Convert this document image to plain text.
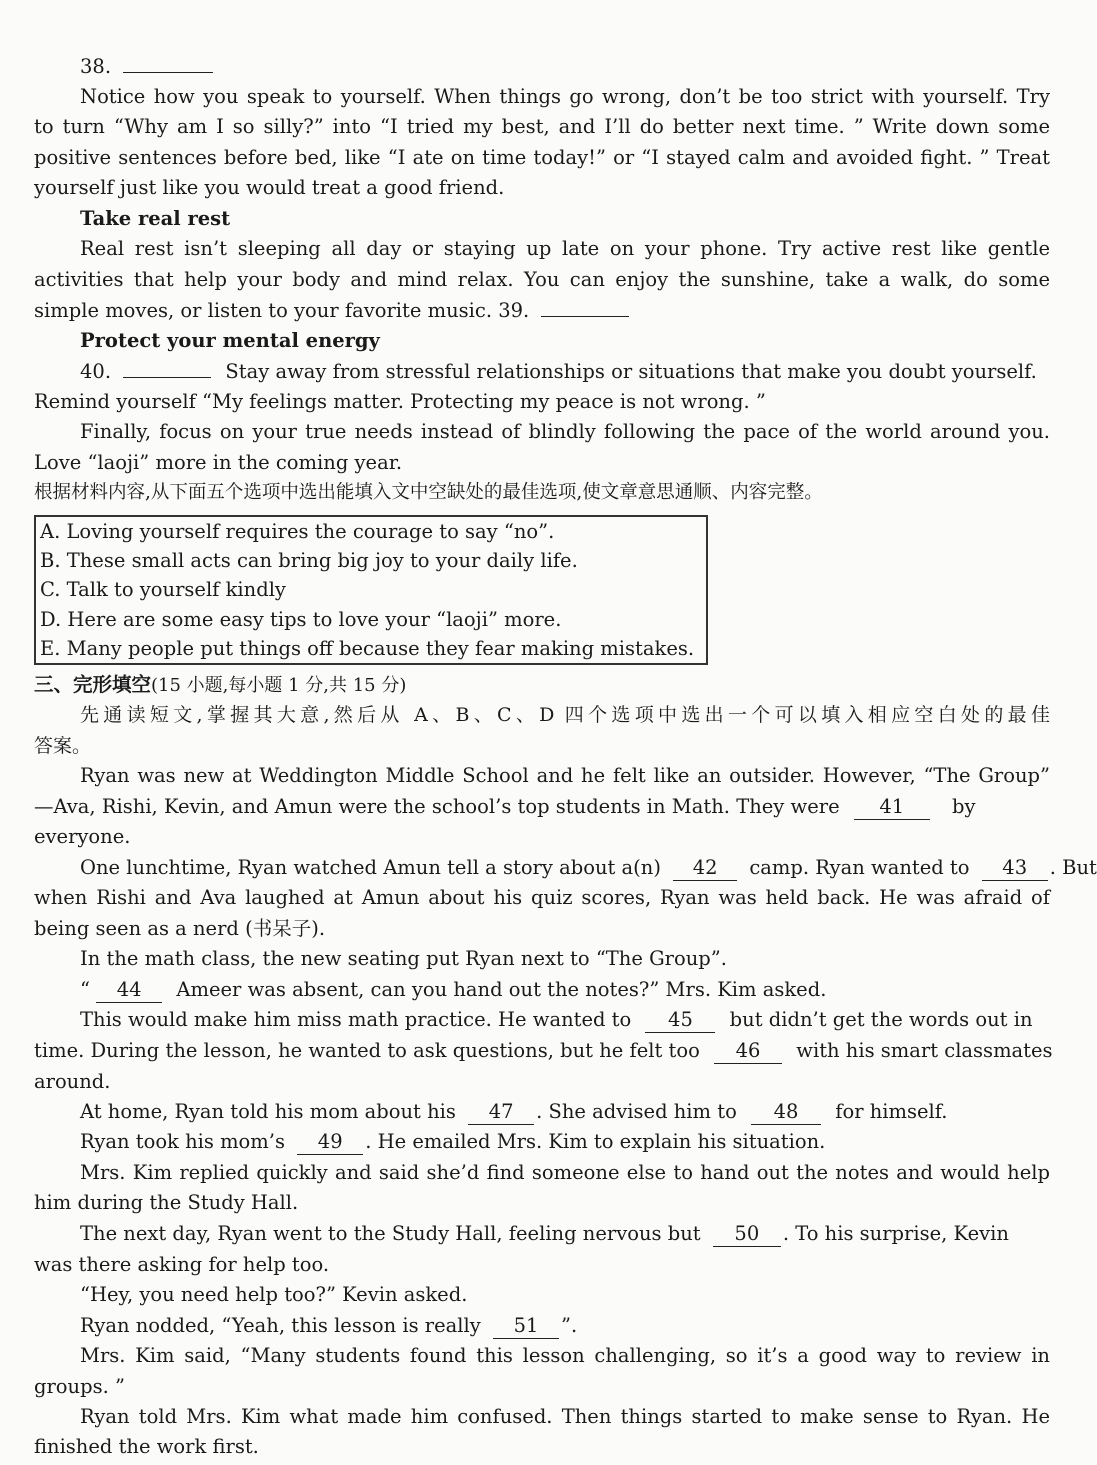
38.
Notice how you speak to yourself. When things go wrong, don’t be too strict with yourself. Try
to turn “Why am I so silly?” into “I tried my best, and I’ll do better next time. ” Write down some
positive sentences before bed, like “I ate on time today!” or “I stayed calm and avoided fight. ” Treat
yourself just like you would treat a good friend.
Take real rest
Real rest isn’t sleeping all day or staying up late on your phone. Try active rest like gentle
activities that help your body and mind relax. You can enjoy the sunshine, take a walk, do some
simple moves, or listen to your favorite music. 39.
Protect your mental energy
40.	Stay away from stressful relationships or situations that make you doubt yourself.
Remind yourself “My feelings matter. Protecting my peace is not wrong. ”
Finally, focus on your true needs instead of blindly following the pace of the world around you.
Love “laoji” more in the coming year.
根据材料内容,从下面五个选项中选出能填入文中空缺处的最佳选项,使文章意思通顺、内容完整。
A. Loving yourself requires the courage to say “no”.
B. These small acts can bring big joy to your daily life.
C. Talk to yourself kindly
D. Here are some easy tips to love your “laoji” more.
E. Many people put things off because they fear making mistakes.
三、完形填空(15 小题,每小题 1 分,共 15 分)
先通读短文,掌握其大意,然后从 A、B、C、D 四个选项中选出一个可以填入相应空白处的最佳
答案。
Ryan was new at Weddington Middle School and he felt like an outsider. However, “The Group”
—Ava, Rishi, Kevin, and Amun were the school’s top students in Math. They were 41 by
everyone.
One lunchtime, Ryan watched Amun tell a story about a(n) 42 camp. Ryan wanted to 43 . But
when Rishi and Ava laughed at Amun about his quiz scores, Ryan was held back. He was afraid of
being seen as a nerd (书呆子).
In the math class, the new seating put Ryan next to “The Group”.
“ 44 Ameer was absent, can you hand out the notes?” Mrs. Kim asked.
This would make him miss math practice. He wanted to 45 but didn’t get the words out in
time. During the lesson, he wanted to ask questions, but he felt too 46 with his smart classmates
around.
At home, Ryan told his mom about his 47 . She advised him to 48 for himself.
Ryan took his mom’s 49 . He emailed Mrs. Kim to explain his situation.
Mrs. Kim replied quickly and said she’d find someone else to hand out the notes and would help
him during the Study Hall.
The next day, Ryan went to the Study Hall, feeling nervous but 50 . To his surprise, Kevin
was there asking for help too.
“Hey, you need help too?” Kevin asked.
Ryan nodded, “Yeah, this lesson is really 51 ”.
Mrs. Kim said, “Many students found this lesson challenging, so it’s a good way to review in
groups. ”
Ryan told Mrs. Kim what made him confused. Then things started to make sense to Ryan. He
finished the work first.
